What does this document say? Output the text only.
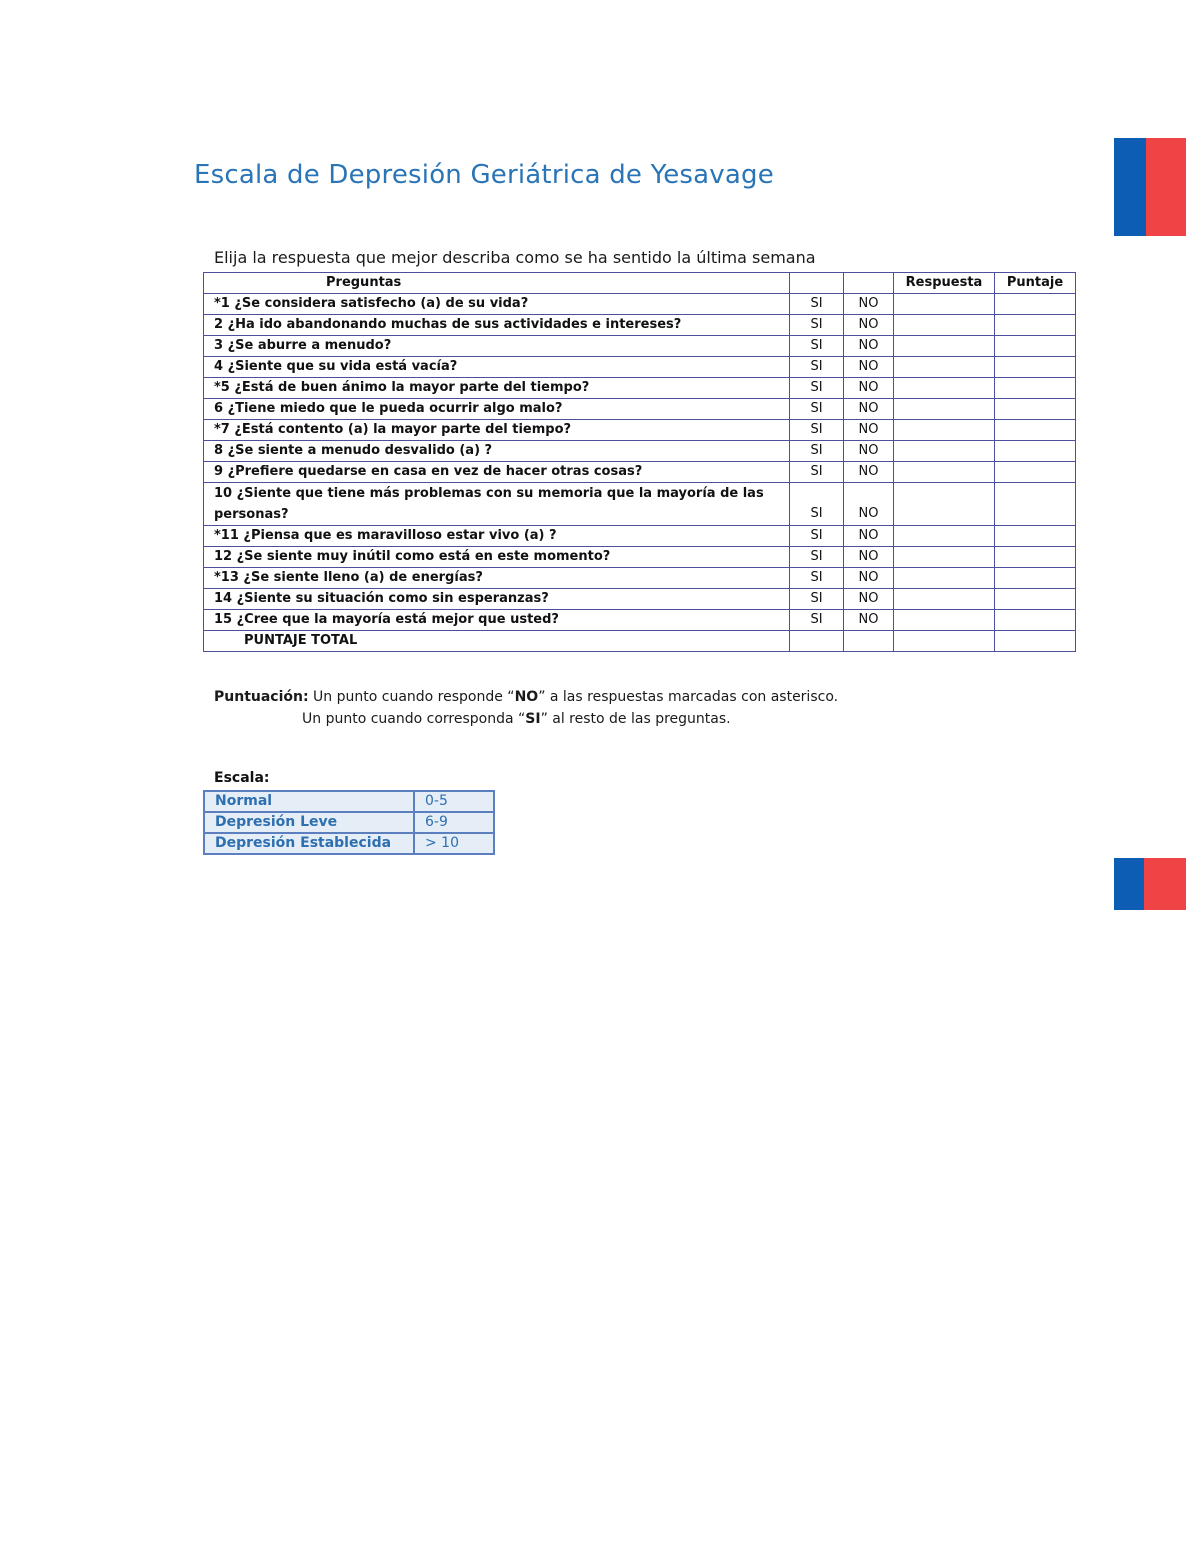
Escala de Depresión Geriátrica de Yesavage

Elija la respuesta que mejor describa como se ha sentido la última semana

Preguntas			Respuesta	Puntaje
*1 ¿Se considera satisfecho (a) de su vida?	SI	NO		
2 ¿Ha ido abandonando muchas de sus actividades e intereses?	SI	NO		
3 ¿Se aburre a menudo?	SI	NO		
4 ¿Siente que su vida está vacía?	SI	NO		
*5 ¿Está de buen ánimo la mayor parte del tiempo?	SI	NO		
6 ¿Tiene miedo que le pueda ocurrir algo malo?	SI	NO		
*7 ¿Está contento (a) la mayor parte del tiempo?	SI	NO		
8 ¿Se siente a menudo desvalido (a) ?	SI	NO		
9 ¿Prefiere quedarse en casa en vez de hacer otras cosas?	SI	NO		
10 ¿Siente que tiene más problemas con su memoria que la mayoría de las personas?	SI	NO		
*11 ¿Piensa que es maravilloso estar vivo (a) ?	SI	NO		
12 ¿Se siente muy inútil como está en este momento?	SI	NO		
*13 ¿Se siente lleno (a) de energías?	SI	NO		
14 ¿Siente su situación como sin esperanzas?	SI	NO		
15 ¿Cree que la mayoría está mejor que usted?	SI	NO		
PUNTAJE TOTAL				
Puntuación: Un punto cuando responde “NO” a las respuestas marcadas con asterisco.
Un punto cuando corresponda “SI” al resto de las preguntas.
Escala:
Normal	0-5
Depresión Leve	6-9
Depresión Establecida	> 10
